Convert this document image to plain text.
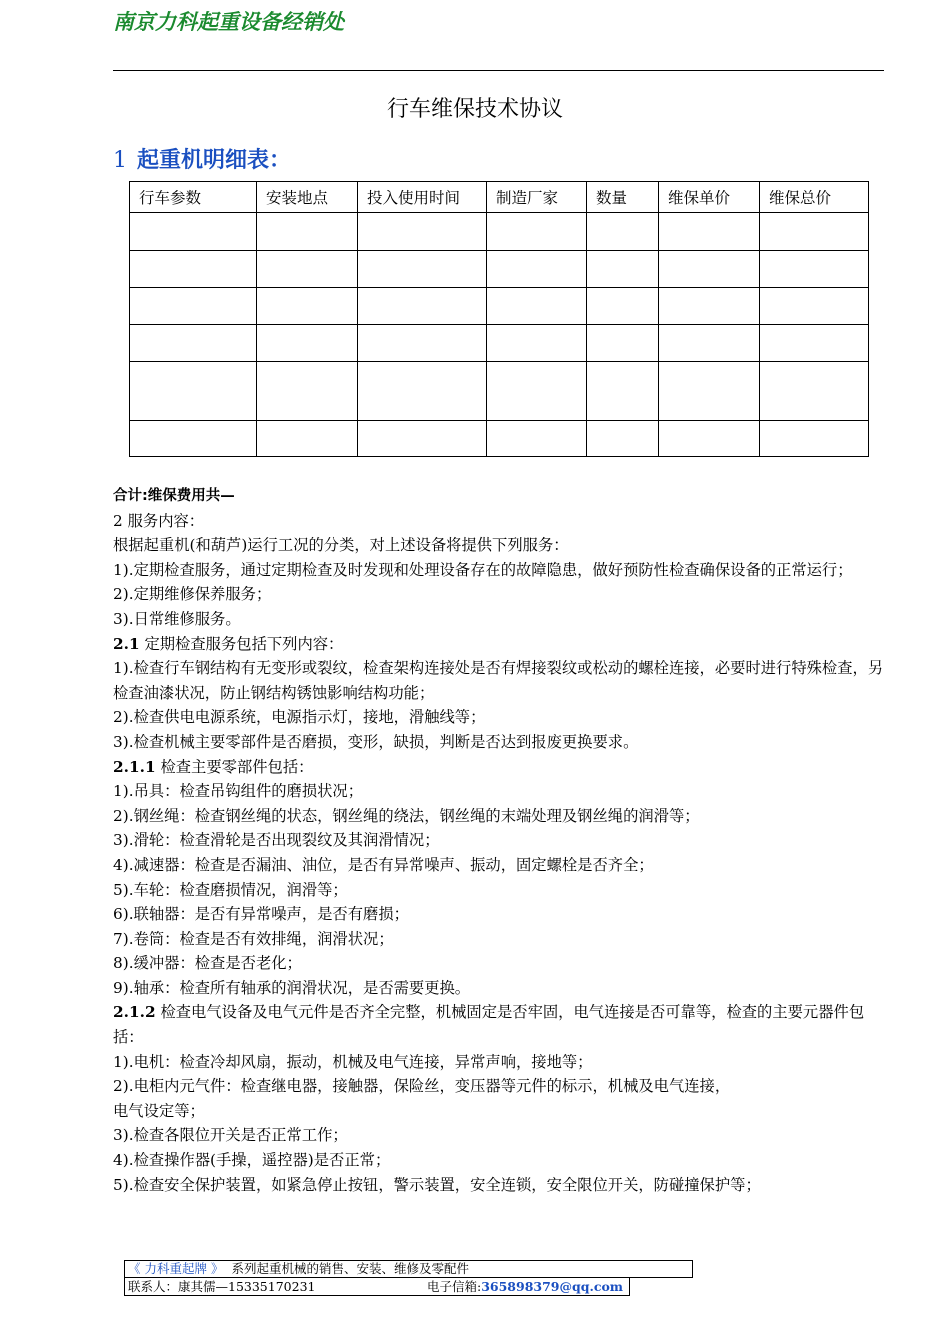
南京力科起重设备经销处
行车维保技术协议
1 起重机明细表：
行车参数	安装地点	投入使用时间	制造厂家	数量	维保单价	维保总价

合计:维保费用共—

2 服务内容：

根据起重机(和葫芦)运行工况的分类，对上述设备将提供下列服务：

1).定期检查服务，通过定期检查及时发现和处理设备存在的故障隐患，做好预防性检查确保设备的正常运行；

2).定期维修保养服务；

3).日常维修服务。

2.1 定期检查服务包括下列内容：

1).检查行车钢结构有无变形或裂纹，检查架构连接处是否有焊接裂纹或松动的螺栓连接，必要时进行特殊检查，另检查油漆状况，防止钢结构锈蚀影响结构功能；

2).检查供电电源系统，电源指示灯，接地，滑触线等；

3).检查机械主要零部件是否磨损，变形，缺损，判断是否达到报废更换要求。

2.1.1 检查主要零部件包括：

1).吊具：检查吊钩组件的磨损状况；

2).钢丝绳：检查钢丝绳的状态，钢丝绳的绕法，钢丝绳的末端处理及钢丝绳的润滑等；

3).滑轮：检查滑轮是否出现裂纹及其润滑情况；

4).减速器：检查是否漏油、油位，是否有异常噪声、振动，固定螺栓是否齐全；

5).车轮：检查磨损情况，润滑等；

6).联轴器：是否有异常噪声，是否有磨损；

7).卷筒：检查是否有效排绳，润滑状况；

8).缓冲器：检查是否老化；

9).轴承：检查所有轴承的润滑状况，是否需要更换。

2.1.2 检查电气设备及电气元件是否齐全完整，机械固定是否牢固，电气连接是否可靠等，检查的主要元器件包括：

1).电机：检查冷却风扇，振动，机械及电气连接，异常声响，接地等；

2).电柜内元气件：检查继电器，接触器，保险丝，变压器等元件的标示，机械及电气连接，

电气设定等；

3).检查各限位开关是否正常工作；

4).检查操作器(手操，遥控器)是否正常；

5).检查安全保护装置，如紧急停止按钮，警示装置，安全连锁，安全限位开关，防碰撞保护等；

《 力科重起牌 》 系列起重机械的销售、安装、维修及零配件
联系人：康其儒—15335170231	电子信箱:365898379@qq.com
